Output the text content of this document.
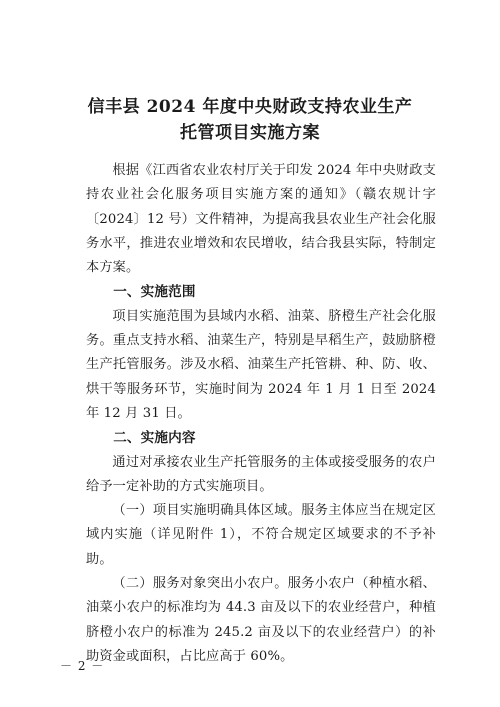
信丰县 2024 年度中央财政支持农业生产
托管项目实施方案

根据《江西省农业农村厅关于印发 2024 年中央财政支持农业社会化服务项目实施方案的通知》（赣农规计字〔2024〕12 号）文件精神，为提高我县农业生产社会化服务水平，推进农业增效和农民增收，结合我县实际，特制定本方案。

一、实施范围

项目实施范围为县域内水稻、油菜、脐橙生产社会化服务。重点支持水稻、油菜生产，特别是早稻生产，鼓励脐橙生产托管服务。涉及水稻、油菜生产托管耕、种、防、收、烘干等服务环节，实施时间为 2024 年 1 月 1 日至 2024 年 12 月 31 日。

二、实施内容

通过对承接农业生产托管服务的主体或接受服务的农户给予一定补助的方式实施项目。

（一）项目实施明确具体区域。服务主体应当在规定区域内实施（详见附件 1），不符合规定区域要求的不予补助。

（二）服务对象突出小农户。服务小农户（种植水稻、油菜小农户的标准均为 44.3 亩及以下的农业经营户，种植脐橙小农户的标准为 245.2 亩及以下的农业经营户）的补助资金或面积，占比应高于 60%。

－ 2 －
